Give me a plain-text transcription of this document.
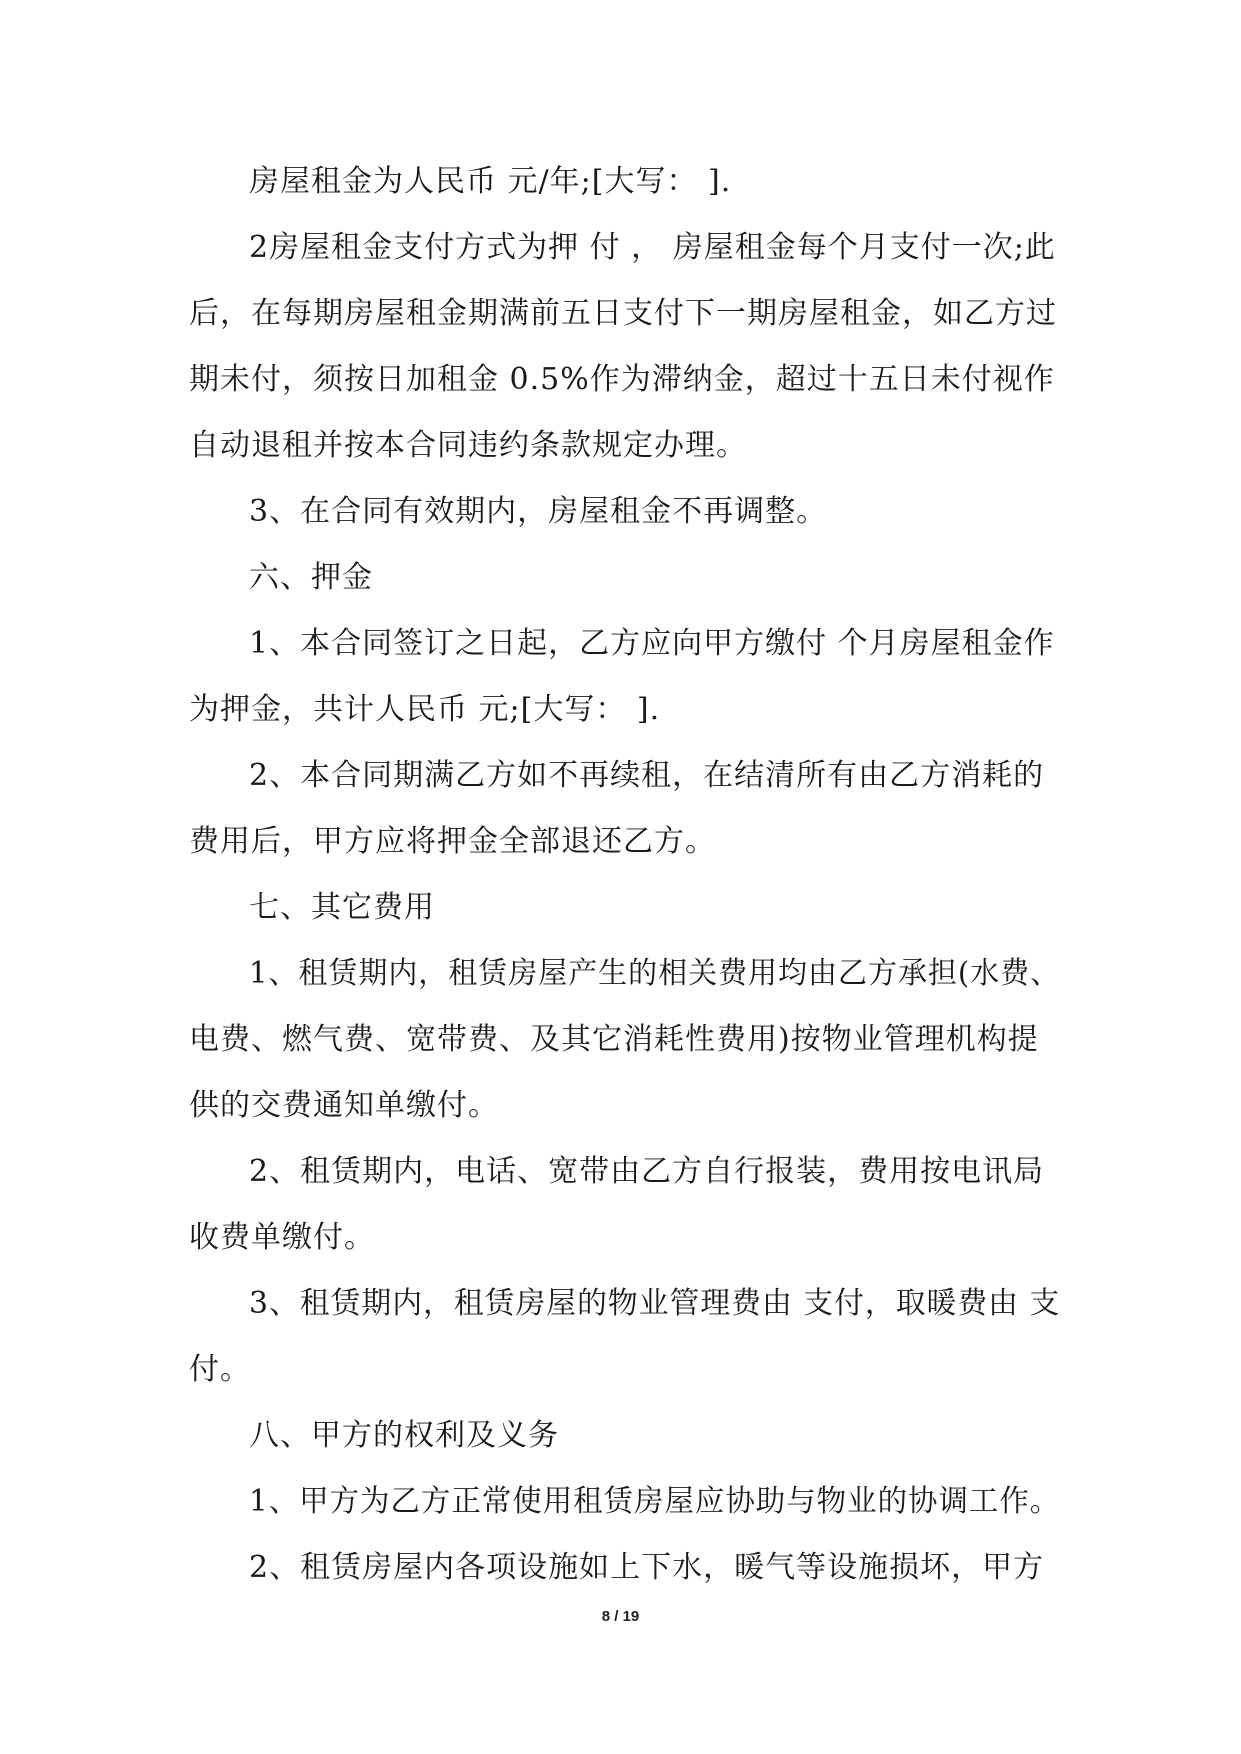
房屋租金为人民币 元/年;[大写： ].
2房屋租金支付方式为押 付 ， 房屋租金每个月支付一次;此
后，在每期房屋租金期满前五日支付下一期房屋租金，如乙方过
期未付，须按日加租金 0.5%作为滞纳金，超过十五日未付视作
自动退租并按本合同违约条款规定办理。
3、在合同有效期内，房屋租金不再调整。
六、押金
1、本合同签订之日起，乙方应向甲方缴付 个月房屋租金作
为押金，共计人民币 元;[大写： ].
2、本合同期满乙方如不再续租，在结清所有由乙方消耗的
费用后，甲方应将押金全部退还乙方。
七、其它费用
1、租赁期内，租赁房屋产生的相关费用均由乙方承担(水费、
电费、燃气费、宽带费、及其它消耗性费用)按物业管理机构提
供的交费通知单缴付。
2、租赁期内，电话、宽带由乙方自行报装，费用按电讯局
收费单缴付。
3、租赁期内，租赁房屋的物业管理费由 支付，取暖费由 支
付。
八、甲方的权利及义务
1、甲方为乙方正常使用租赁房屋应协助与物业的协调工作。
2、租赁房屋内各项设施如上下水，暖气等设施损坏，甲方
8 / 19
